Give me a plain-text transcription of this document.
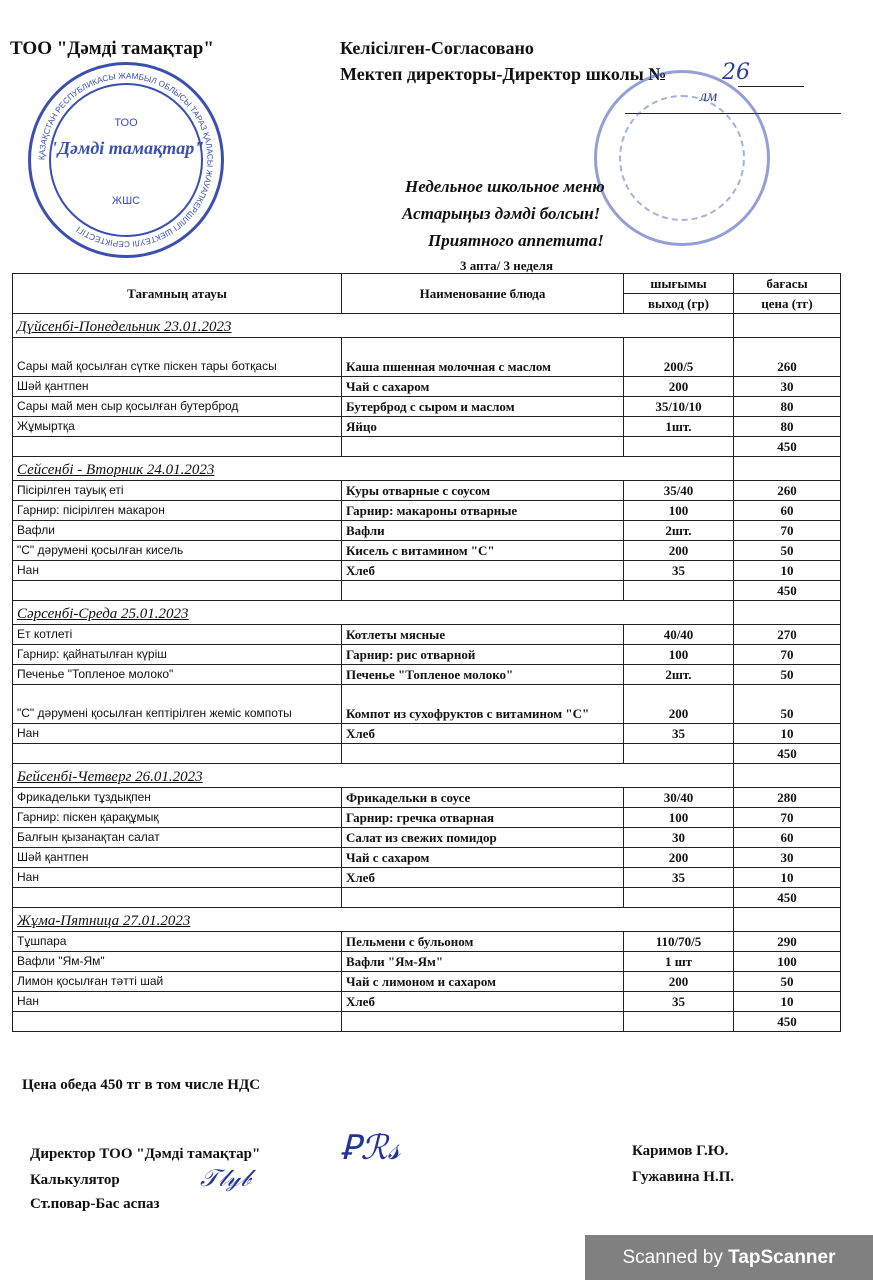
ТОО "Дәмді тамақтар"	Келісілген-Согласовано
Мектеп директоры-Директор школы №	26
лм
ҚАЗАҚСТАН РЕСПУБЛИКАСЫ ЖАМБЫЛ ОБЛЫСЫ ТАРАЗ ҚАЛАСЫ ЖАУАПКЕРШІЛІГІ ШЕКТЕУЛІ СЕРІКТЕСТІГІ
ТОО
"Дәмді тамақтар"
ЖШС
Недельное школьное меню
Астарыңыз дәмді болсын!
Приятного аппетита!
3 апта/ 3 неделя
Тағамның атауы	Наименование блюда	шығымы	бағасы
		выход (гр)	цена (тг)
Дүйсенбі-Понедельник 23.01.2023			
Сары май қосылған сүтке піскен тары ботқасы	Каша пшенная молочная с маслом	200/5	260
Шәй қантпен	Чай с сахаром	200	30
Сары май мен сыр қосылған бутерброд	Бутерброд с сыром и маслом	35/10/10	80
Жұмыртқа	Яйцо	1шт.	80
			450
Сейсенбі - Вторник 24.01.2023			
Пісірілген тауық еті	Куры отварные с соусом	35/40	260
Гарнир: пісірілген макарон	Гарнир: макароны отварные	100	60
Вафли	Вафли	2шт.	70
"С" дәрумені қосылған кисель	Кисель с витамином "С"	200	50
Нан	Хлеб	35	10
			450
Сәрсенбі-Среда 25.01.2023			
Ет котлеті	Котлеты мясные	40/40	270
Гарнир: қайнатылған күріш	Гарнир: рис отварной	100	70
Печенье "Топленое молоко"	Печенье "Топленое молоко"	2шт.	50
"С" дәрумені қосылған кептірілген жеміс компоты	Компот из сухофруктов с витамином "С"	200	50
Нан	Хлеб	35	10
			450
Бейсенбі-Четверг 26.01.2023			
Фрикадельки тұздықпен	Фрикадельки в соусе	30/40	280
Гарнир: піскен қарақұмық	Гарнир: гречка отварная	100	70
Балғын қызанақтан салат	Салат из свежих помидор	30	60
Шәй қантпен	Чай с сахаром	200	30
Нан	Хлеб	35	10
			450
Жұма-Пятница 27.01.2023			
Тұшпара	Пельмени с бульоном	110/70/5	290
Вафли "Ям-Ям"	Вафли "Ям-Ям"	1 шт	100
Лимон қосылған тәтті шай	Чай с лимоном и сахаром	200	50
Нан	Хлеб	35	10
			450
Цена обеда 450 тг в том числе НДС
Директор ТОО "Дәмді тамақтар"
Калькулятор
Ст.повар-Бас аспаз
Каримов Г.Ю.
Гужавина Н.П.
Ꝑℛ𝓈
𝒯𝓁𝓎𝒷
Scanned by TapScanner
